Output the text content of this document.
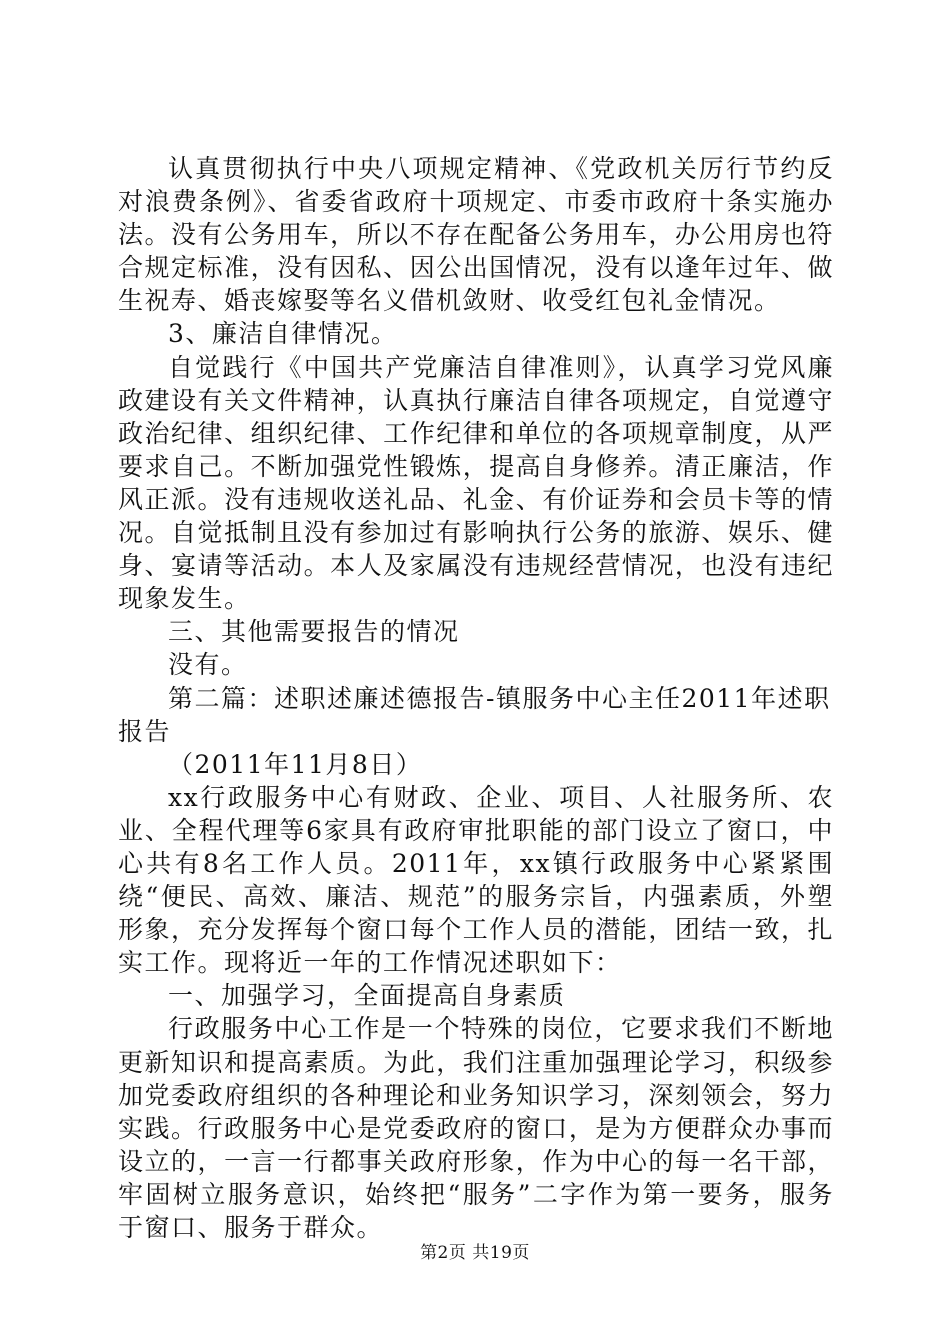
认真贯彻执行中央八项规定精神、《党政机关厉行节约反对浪费条例》、省委省政府十项规定、市委市政府十条实施办法。没有公务用车，所以不存在配备公务用车，办公用房也符合规定标准，没有因私、因公出国情况，没有以逢年过年、做生祝寿、婚丧嫁娶等名义借机敛财、收受红包礼金情况。

3、廉洁自律情况。

自觉践行《中国共产党廉洁自律准则》，认真学习党风廉政建设有关文件精神，认真执行廉洁自律各项规定，自觉遵守政治纪律、组织纪律、工作纪律和单位的各项规章制度，从严要求自己。不断加强党性锻炼，提高自身修养。清正廉洁，作风正派。没有违规收送礼品、礼金、有价证券和会员卡等的情况。自觉抵制且没有参加过有影响执行公务的旅游、娱乐、健身、宴请等活动。本人及家属没有违规经营情况，也没有违纪现象发生。

三、其他需要报告的情况

没有。

第二篇：述职述廉述德报告-镇服务中心主任2011年述职报告

（2011年11月8日）

xx行政服务中心有财政、企业、项目、人社服务所、农业、全程代理等6家具有政府审批职能的部门设立了窗口，中心共有8名工作人员。2011年，xx镇行政服务中心紧紧围绕“便民、高效、廉洁、规范”的服务宗旨，内强素质，外塑形象，充分发挥每个窗口每个工作人员的潜能，团结一致，扎实工作。现将近一年的工作情况述职如下：

一、加强学习，全面提高自身素质

行政服务中心工作是一个特殊的岗位，它要求我们不断地更新知识和提高素质。为此，我们注重加强理论学习，积级参加党委政府组织的各种理论和业务知识学习，深刻领会，努力实践。行政服务中心是党委政府的窗口，是为方便群众办事而设立的，一言一行都事关政府形象，作为中心的每一名干部，牢固树立服务意识，始终把“服务”二字作为第一要务，服务于窗口、服务于群众。

第2页 共19页
